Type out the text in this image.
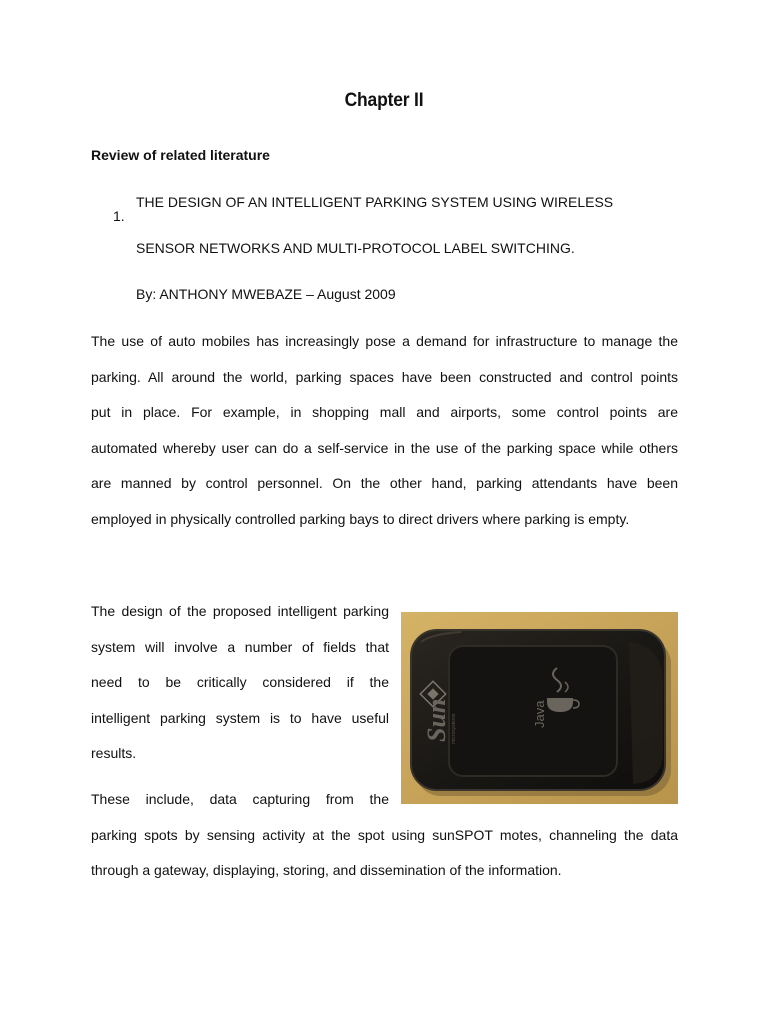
Chapter II
Review of related literature
1.
THE DESIGN OF AN INTELLIGENT PARKING SYSTEM USING WIRELESS
SENSOR NETWORKS AND MULTI-PROTOCOL LABEL SWITCHING.
By: ANTHONY MWEBAZE – August 2009
The use of auto mobiles has increasingly pose a demand for infrastructure to manage the
parking. All around the world, parking spaces have been constructed and control points
put in place. For example, in shopping mall and airports, some control points are
automated whereby user can do a self-service in the use of the parking space while others
are manned by control personnel. On the other hand, parking attendants have been
employed in physically controlled parking bays to direct drivers where parking is empty.
The design of the proposed intelligent parking
system will involve a number of fields that
need to be critically considered if the
intelligent parking system is to have useful
results.
These include, data capturing from the
parking spots by sensing activity at the spot using sunSPOT motes, channeling the data
through a gateway, displaying, storing, and dissemination of the information.
Sun microsystems	Java
